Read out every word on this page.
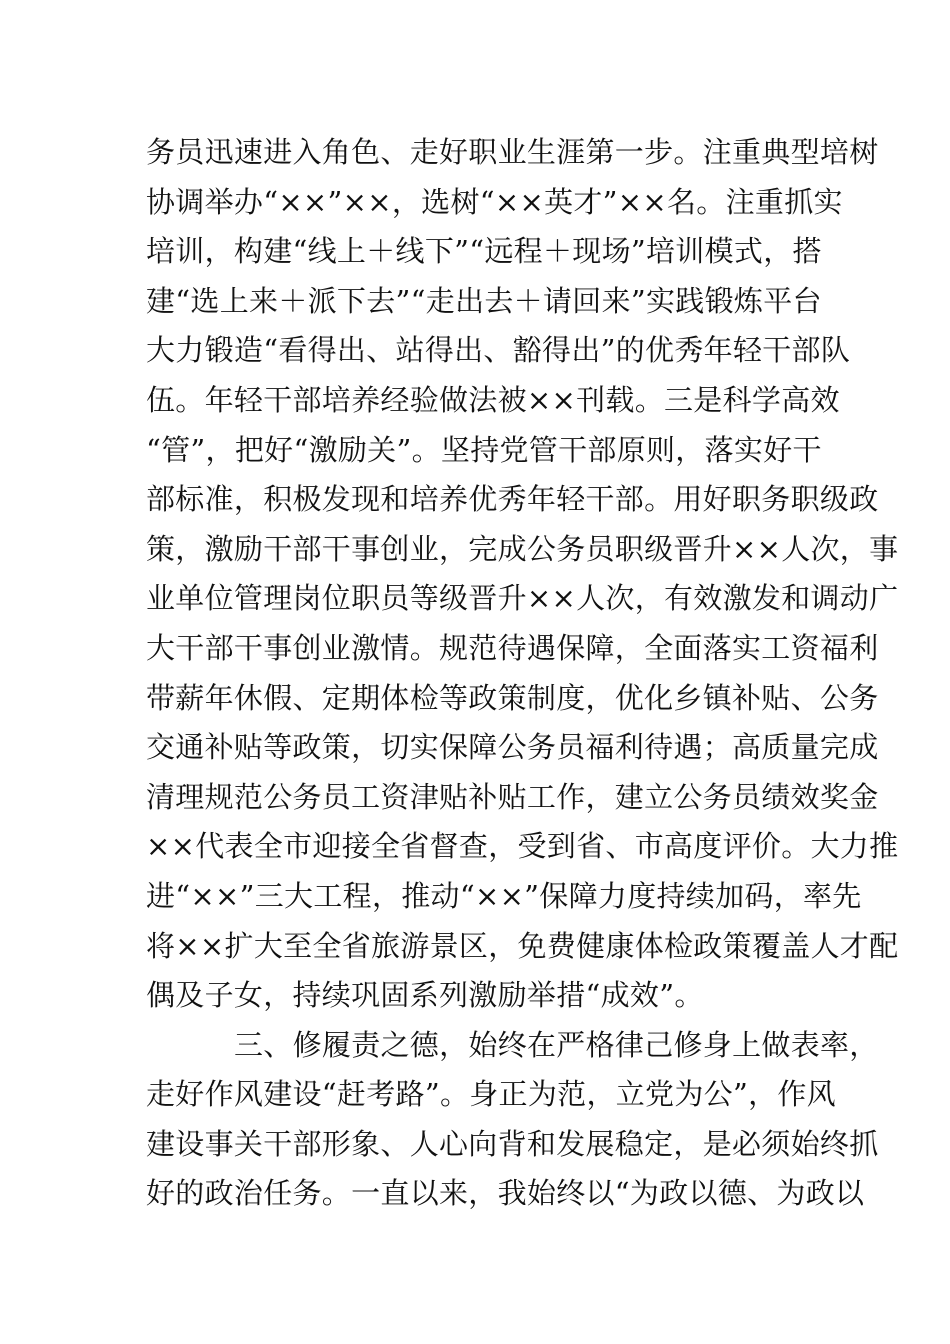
务员迅速进入角色、走好职业生涯第一步。注重典型培树
协调举办“××”××，选树“××英才”××名。注重抓实
培训，构建“线上＋线下”“远程＋现场”培训模式，搭
建“选上来＋派下去”“走出去＋请回来”实践锻炼平台
大力锻造“看得出、站得出、豁得出”的优秀年轻干部队
伍。年轻干部培养经验做法被××刊载。三是科学高效
“管”，把好“激励关”。坚持党管干部原则，落实好干
部标准，积极发现和培养优秀年轻干部。用好职务职级政
策，激励干部干事创业，完成公务员职级晋升××人次，事
业单位管理岗位职员等级晋升××人次，有效激发和调动广
大干部干事创业激情。规范待遇保障，全面落实工资福利
带薪年休假、定期体检等政策制度，优化乡镇补贴、公务
交通补贴等政策，切实保障公务员福利待遇；高质量完成
清理规范公务员工资津贴补贴工作，建立公务员绩效奖金
××代表全市迎接全省督查，受到省、市高度评价。大力推
进“××”三大工程，推动“××”保障力度持续加码，率先
将××扩大至全省旅游景区，免费健康体检政策覆盖人才配
偶及子女，持续巩固系列激励举措“成效”。
三、修履责之德，始终在严格律己修身上做表率，
走好作风建设“赶考路”。身正为范，立党为公”，作风
建设事关干部形象、人心向背和发展稳定，是必须始终抓
好的政治任务。一直以来，我始终以“为政以德、为政以
